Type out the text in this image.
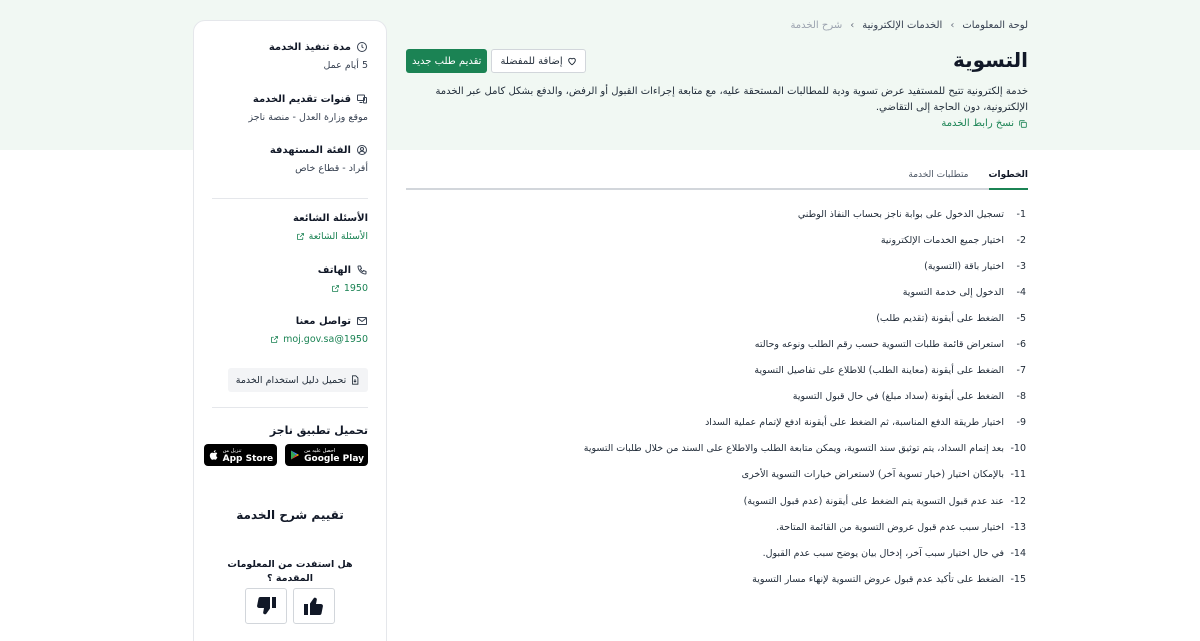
لوحة المعلومات
›
الخدمات الإلكترونية
›
شرح الخدمة
التسوية
إضافة للمفضلة
تقديم طلب جديد

خدمة إلكترونية تتيح للمستفيد عرض تسوية ودية للمطالبات المستحقة عليه، مع متابعة إجراءات القبول أو الرفض، والدفع بشكل كامل عبر الخدمة الإلكترونية، دون الحاجة إلى التقاضي.

نسخ رابط الخدمة
الخطوات
متطلبات الخدمة
-1
تسجيل الدخول على بوابة ناجز بحساب النفاذ الوطني
-2
اختيار جميع الخدمات الإلكترونية
-3
اختيار باقة (التسوية)
-4
الدخول إلى خدمة التسوية
-5
الضغط على أيقونة (تقديم طلب)
-6
استعراض قائمة طلبات التسوية حسب رقم الطلب ونوعه وحالته
-7
الضغط على أيقونة (معاينة الطلب) للاطلاع على تفاصيل التسوية
-8
الضغط على أيقونة (سداد مبلغ) في حال قبول التسوية
-9
اختيار طريقة الدفع المناسبة، ثم الضغط على أيقونة ادفع لإتمام عملية السداد
-10
بعد إتمام السداد، يتم توثيق سند التسوية، ويمكن متابعة الطلب والاطلاع على السند من خلال طلبات التسوية
-11
بالإمكان اختيار (خيار تسوية آخر) لاستعراض خيارات التسوية الأخرى
-12
عند عدم قبول التسوية يتم الضغط على أيقونة (عدم قبول التسوية)
-13
اختيار سبب عدم قبول عروض التسوية من القائمة المتاحة.
-14
في حال اختيار سبب آخر، إدخال بيان يوضح سبب عدم القبول.
-15
الضغط على تأكيد عدم قبول عروض التسوية لإنهاء مسار التسوية
مدة تنفيذ الخدمة
5 أيام عمل
قنوات تقديم الخدمة
موقع وزارة العدل - منصة ناجز
الفئة المستهدفة
أفراد - قطاع خاص
الأسئلة الشائعة
الأسئلة الشائعة
الهاتف
1950
تواصل معنا
1950@moj.gov.sa
تحميل دليل استخدام الخدمة
تحميل تطبيق ناجز
احصل عليه من
Google Play
تنزيل من
App Store
تقييم شرح الخدمة
هل استفدت من المعلومات المقدمة ؟
